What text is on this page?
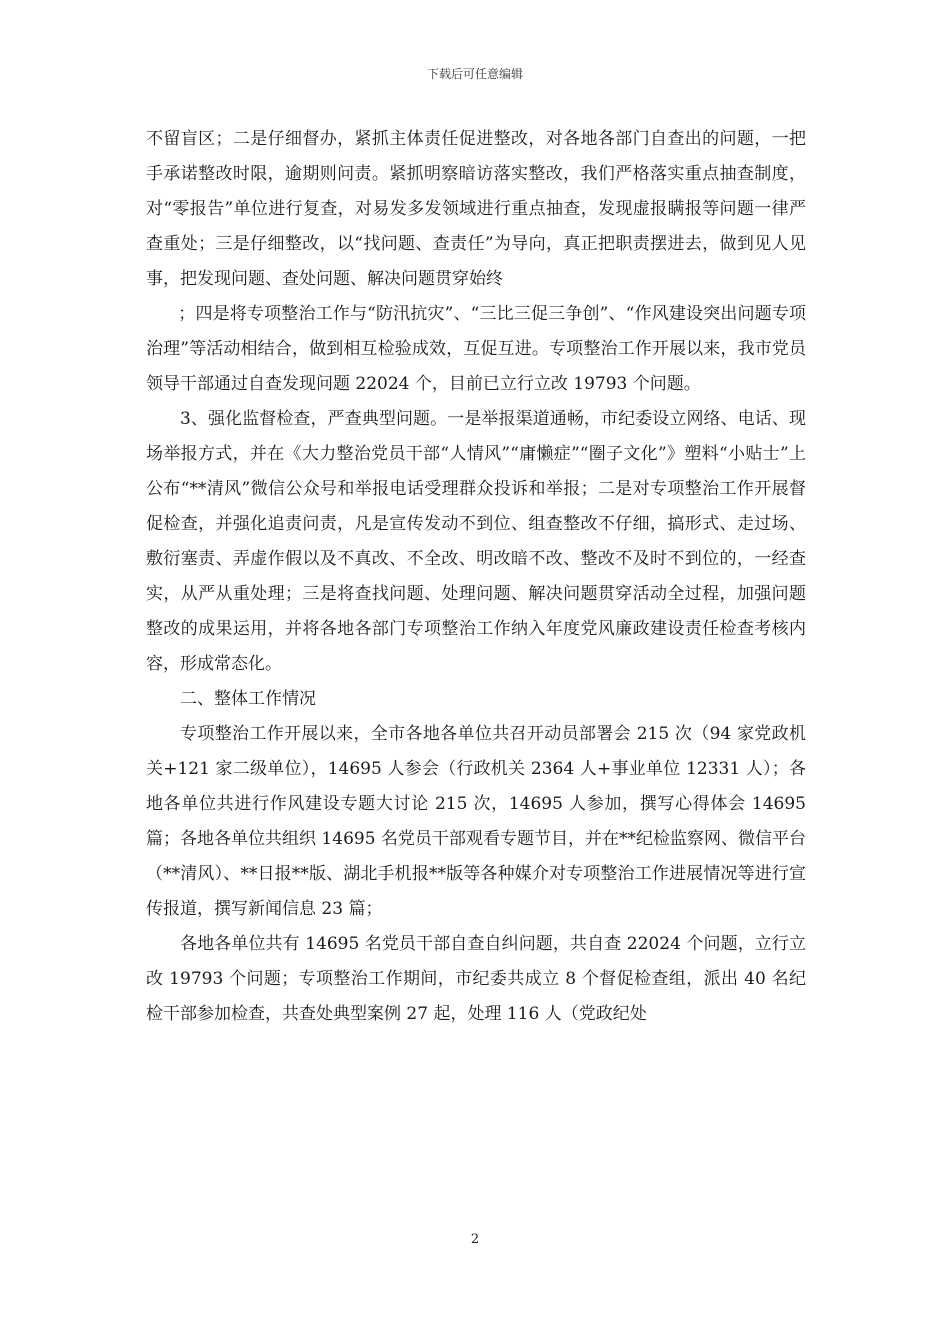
下载后可任意编辑

不留盲区；二是仔细督办，紧抓主体责任促进整改，对各地各部门自查出的问题，一把手承诺整改时限，逾期则问责。紧抓明察暗访落实整改，我们严格落实重点抽查制度，对“零报告”单位进行复查，对易发多发领域进行重点抽查，发现虚报瞒报等问题一律严查重处；三是仔细整改，以“找问题、查责任”为导向，真正把职责摆进去，做到见人见事，把发现问题、查处问题、解决问题贯穿始终

；四是将专项整治工作与“防汛抗灾”、“三比三促三争创”、“作风建设突出问题专项治理”等活动相结合，做到相互检验成效，互促互进。专项整治工作开展以来，我市党员领导干部通过自查发现问题 22024 个，目前已立行立改 19793 个问题。

3、强化监督检查，严查典型问题。一是举报渠道通畅，市纪委设立网络、电话、现场举报方式，并在《大力整治党员干部“人情风”“庸懒症”“圈子文化”》塑料“小贴士”上公布“**清风”微信公众号和举报电话受理群众投诉和举报；二是对专项整治工作开展督促检查，并强化追责问责，凡是宣传发动不到位、组查整改不仔细，搞形式、走过场、敷衍塞责、弄虚作假以及不真改、不全改、明改暗不改、整改不及时不到位的，一经查实，从严从重处理；三是将查找问题、处理问题、解决问题贯穿活动全过程，加强问题整改的成果运用，并将各地各部门专项整治工作纳入年度党风廉政建设责任检查考核内容，形成常态化。

二、整体工作情况

专项整治工作开展以来，全市各地各单位共召开动员部署会 215 次（94 家党政机关+121 家二级单位），14695 人参会（行政机关 2364 人+事业单位 12331 人）；各地各单位共进行作风建设专题大讨论 215 次，14695 人参加，撰写心得体会 14695 篇；各地各单位共组织 14695 名党员干部观看专题节目，并在**纪检监察网、微信平台（**清风）、**日报**版、湖北手机报**版等各种媒介对专项整治工作进展情况等进行宣传报道，撰写新闻信息 23 篇；

各地各单位共有 14695 名党员干部自查自纠问题，共自查 22024 个问题，立行立改 19793 个问题；专项整治工作期间，市纪委共成立 8 个督促检查组，派出 40 名纪检干部参加检查，共查处典型案例 27 起，处理 116 人（党政纪处

2
